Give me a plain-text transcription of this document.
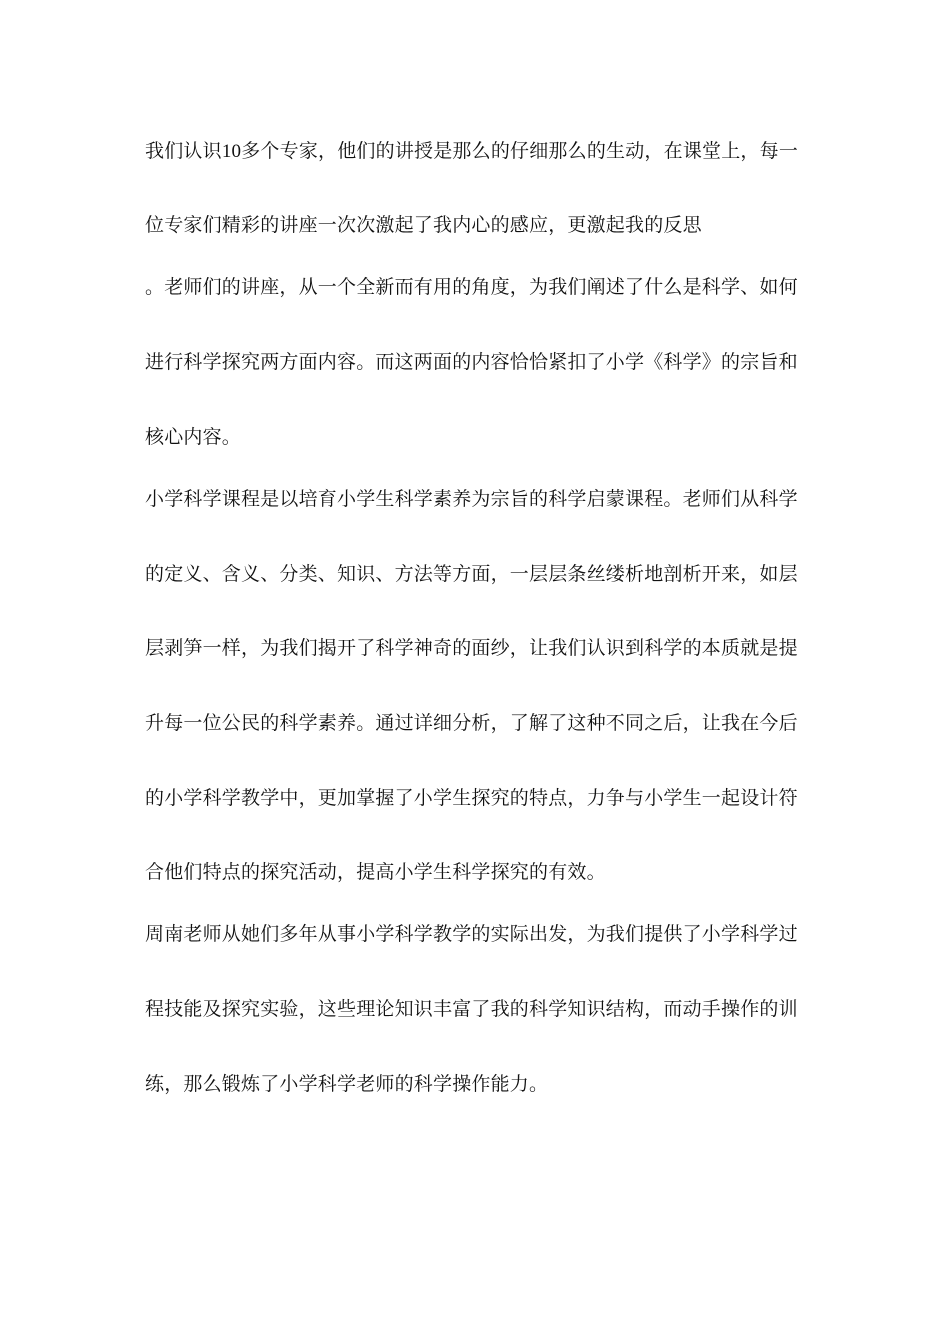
我们认识10多个专家，他们的讲授是那么的仔细那么的生动，在课堂上，每一
位专家们精彩的讲座一次次激起了我内心的感应，更激起我的反思
。老师们的讲座，从一个全新而有用的角度，为我们阐述了什么是科学、如何
进行科学探究两方面内容。而这两面的内容恰恰紧扣了小学《科学》的宗旨和
核心内容。
小学科学课程是以培育小学生科学素养为宗旨的科学启蒙课程。老师们从科学
的定义、含义、分类、知识、方法等方面，一层层条丝缕析地剖析开来，如层
层剥笋一样，为我们揭开了科学神奇的面纱，让我们认识到科学的本质就是提
升每一位公民的科学素养。通过详细分析，了解了这种不同之后，让我在今后
的小学科学教学中，更加掌握了小学生探究的特点，力争与小学生一起设计符
合他们特点的探究活动，提高小学生科学探究的有效。
周南老师从她们多年从事小学科学教学的实际出发，为我们提供了小学科学过
程技能及探究实验，这些理论知识丰富了我的科学知识结构，而动手操作的训
练，那么锻炼了小学科学老师的科学操作能力。
